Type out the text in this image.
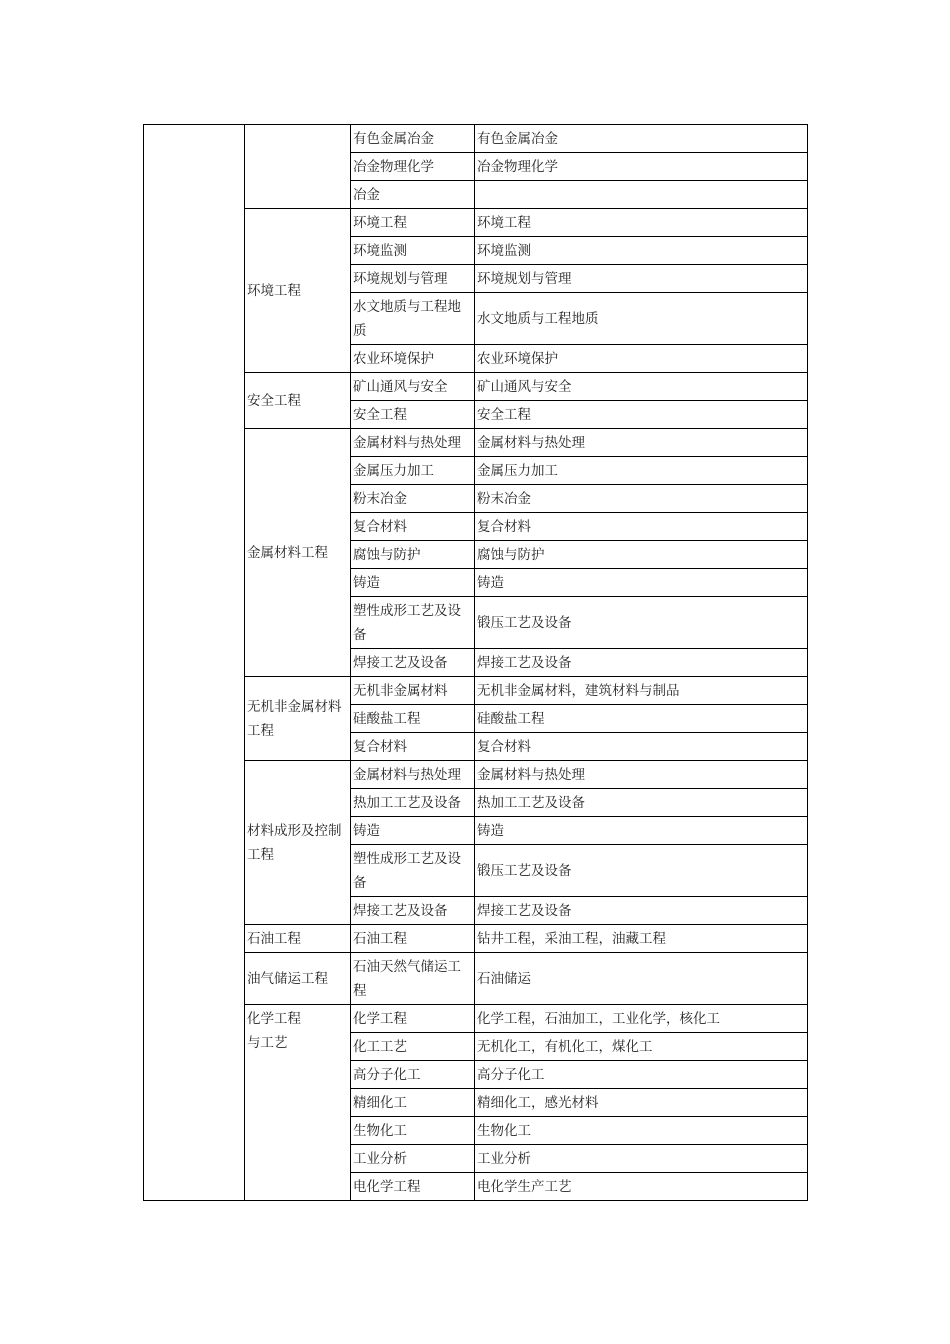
		有色金属冶金	有色金属冶金
		冶金物理化学	冶金物理化学
		冶金	
	环境工程	环境工程	环境工程
		环境监测	环境监测
		环境规划与管理	环境规划与管理
		水文地质与工程地质	水文地质与工程地质
		农业环境保护	农业环境保护
	安全工程	矿山通风与安全	矿山通风与安全
		安全工程	安全工程
	金属材料工程	金属材料与热处理	金属材料与热处理
		金属压力加工	金属压力加工
		粉末冶金	粉末冶金
		复合材料	复合材料
		腐蚀与防护	腐蚀与防护
		铸造	铸造
		塑性成形工艺及设备	锻压工艺及设备
		焊接工艺及设备	焊接工艺及设备
	无机非金属材料工程	无机非金属材料	无机非金属材料，建筑材料与制品
		硅酸盐工程	硅酸盐工程
		复合材料	复合材料
	材料成形及控制工程	金属材料与热处理	金属材料与热处理
		热加工工艺及设备	热加工工艺及设备
		铸造	铸造
		塑性成形工艺及设备	锻压工艺及设备
		焊接工艺及设备	焊接工艺及设备
	石油工程	石油工程	钻井工程，采油工程，油藏工程
	油气储运工程	石油天然气储运工程	石油储运
	化学工程
与工艺	化学工程	化学工程，石油加工，工业化学，核化工
		化工工艺	无机化工，有机化工，煤化工
		高分子化工	高分子化工
		精细化工	精细化工，感光材料
		生物化工	生物化工
		工业分析	工业分析
		电化学工程	电化学生产工艺
